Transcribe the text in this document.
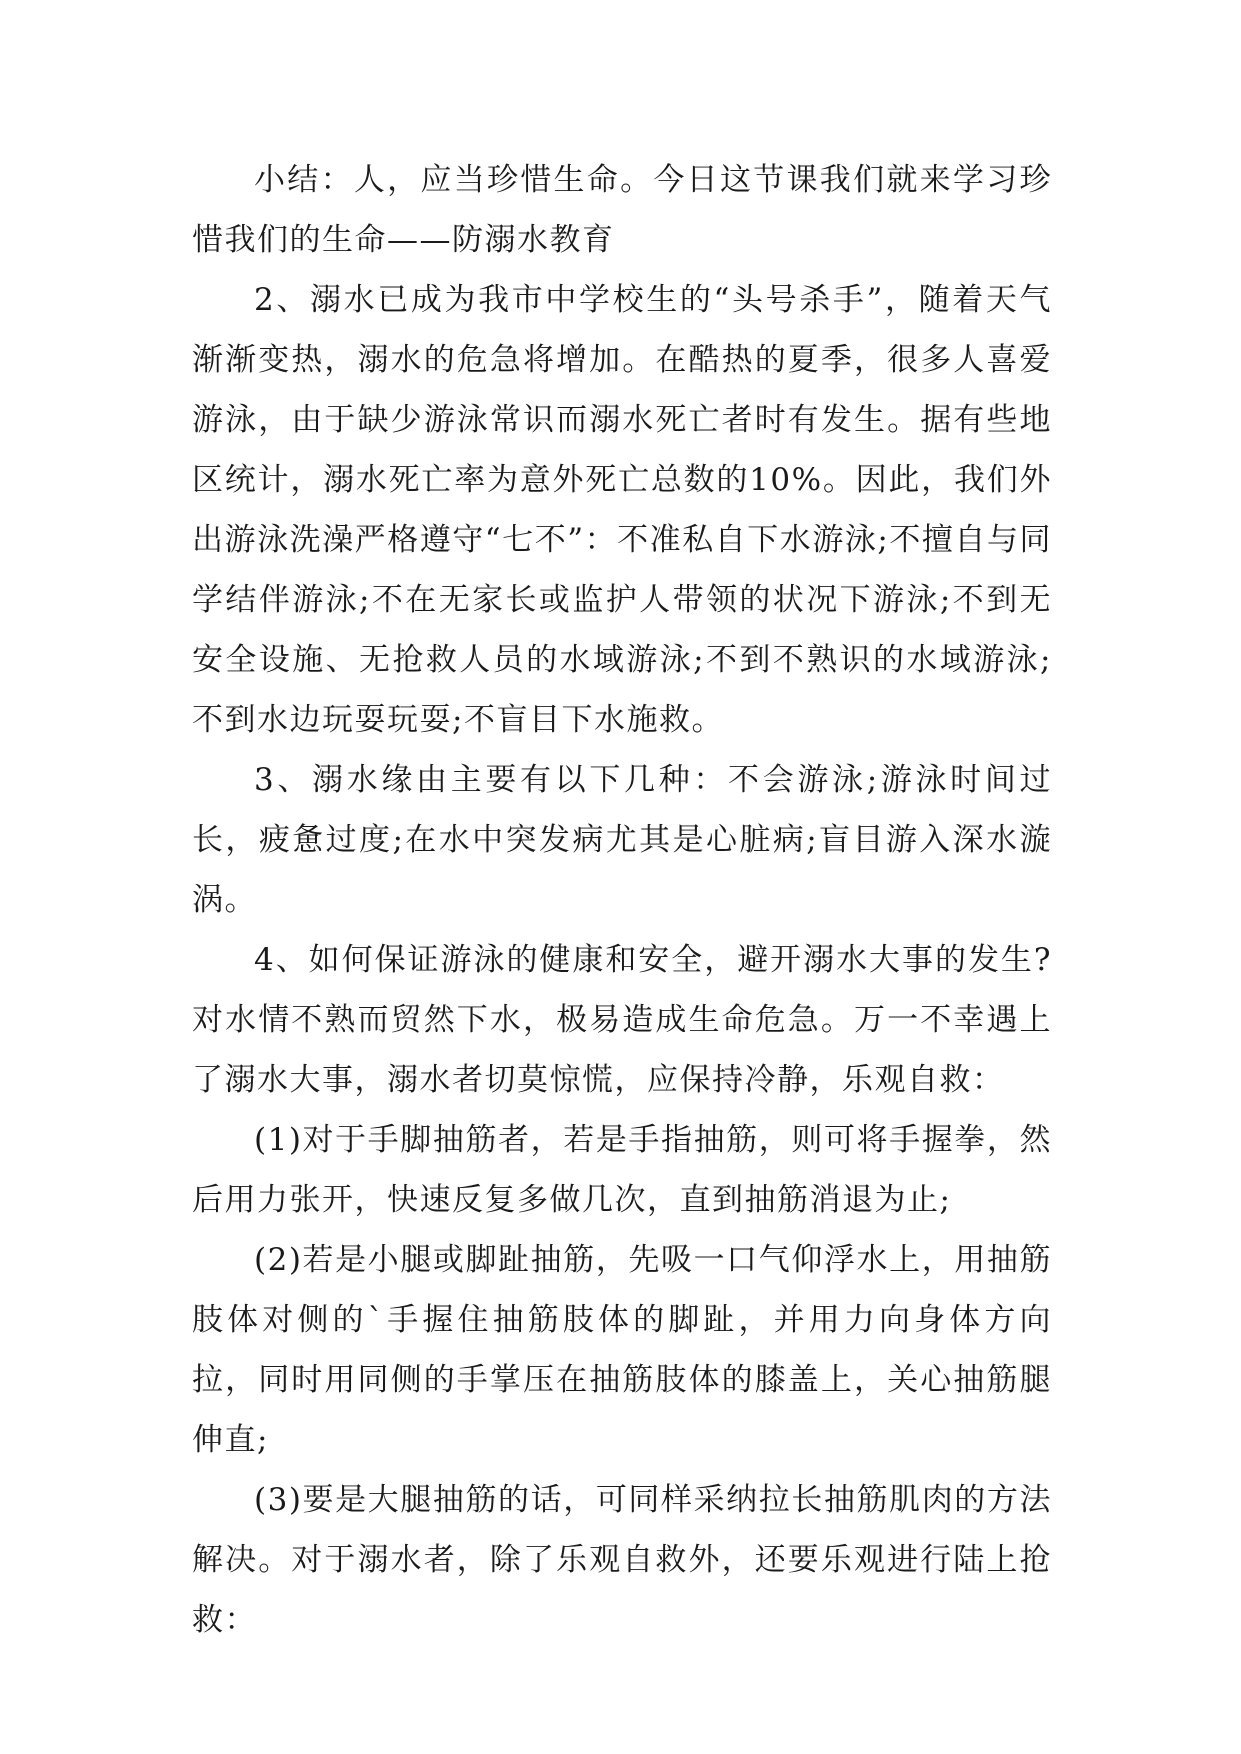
小结：人，应当珍惜生命。今日这节课我们就来学习珍惜我们的生命——防溺水教育

2、溺水已成为我市中学校生的“头号杀手”，随着天气渐渐变热，溺水的危急将增加。在酷热的夏季，很多人喜爱游泳，由于缺少游泳常识而溺水死亡者时有发生。据有些地区统计，溺水死亡率为意外死亡总数的10%。因此，我们外出游泳洗澡严格遵守“七不”：不准私自下水游泳;不擅自与同学结伴游泳;不在无家长或监护人带领的状况下游泳;不到无安全设施、无抢救人员的水域游泳;不到不熟识的水域游泳;不到水边玩耍玩耍;不盲目下水施救。

3、溺水缘由主要有以下几种：不会游泳;游泳时间过长，疲惫过度;在水中突发病尤其是心脏病;盲目游入深水漩涡。

4、如何保证游泳的健康和安全，避开溺水大事的发生?对水情不熟而贸然下水，极易造成生命危急。万一不幸遇上了溺水大事，溺水者切莫惊慌，应保持冷静，乐观自救：

(1)对于手脚抽筋者，若是手指抽筋，则可将手握拳，然后用力张开，快速反复多做几次，直到抽筋消退为止;

(2)若是小腿或脚趾抽筋，先吸一口气仰浮水上，用抽筋肢体对侧的`手握住抽筋肢体的脚趾，并用力向身体方向拉，同时用同侧的手掌压在抽筋肢体的膝盖上，关心抽筋腿伸直;

(3)要是大腿抽筋的话，可同样采纳拉长抽筋肌肉的方法解决。对于溺水者，除了乐观自救外，还要乐观进行陆上抢救：
